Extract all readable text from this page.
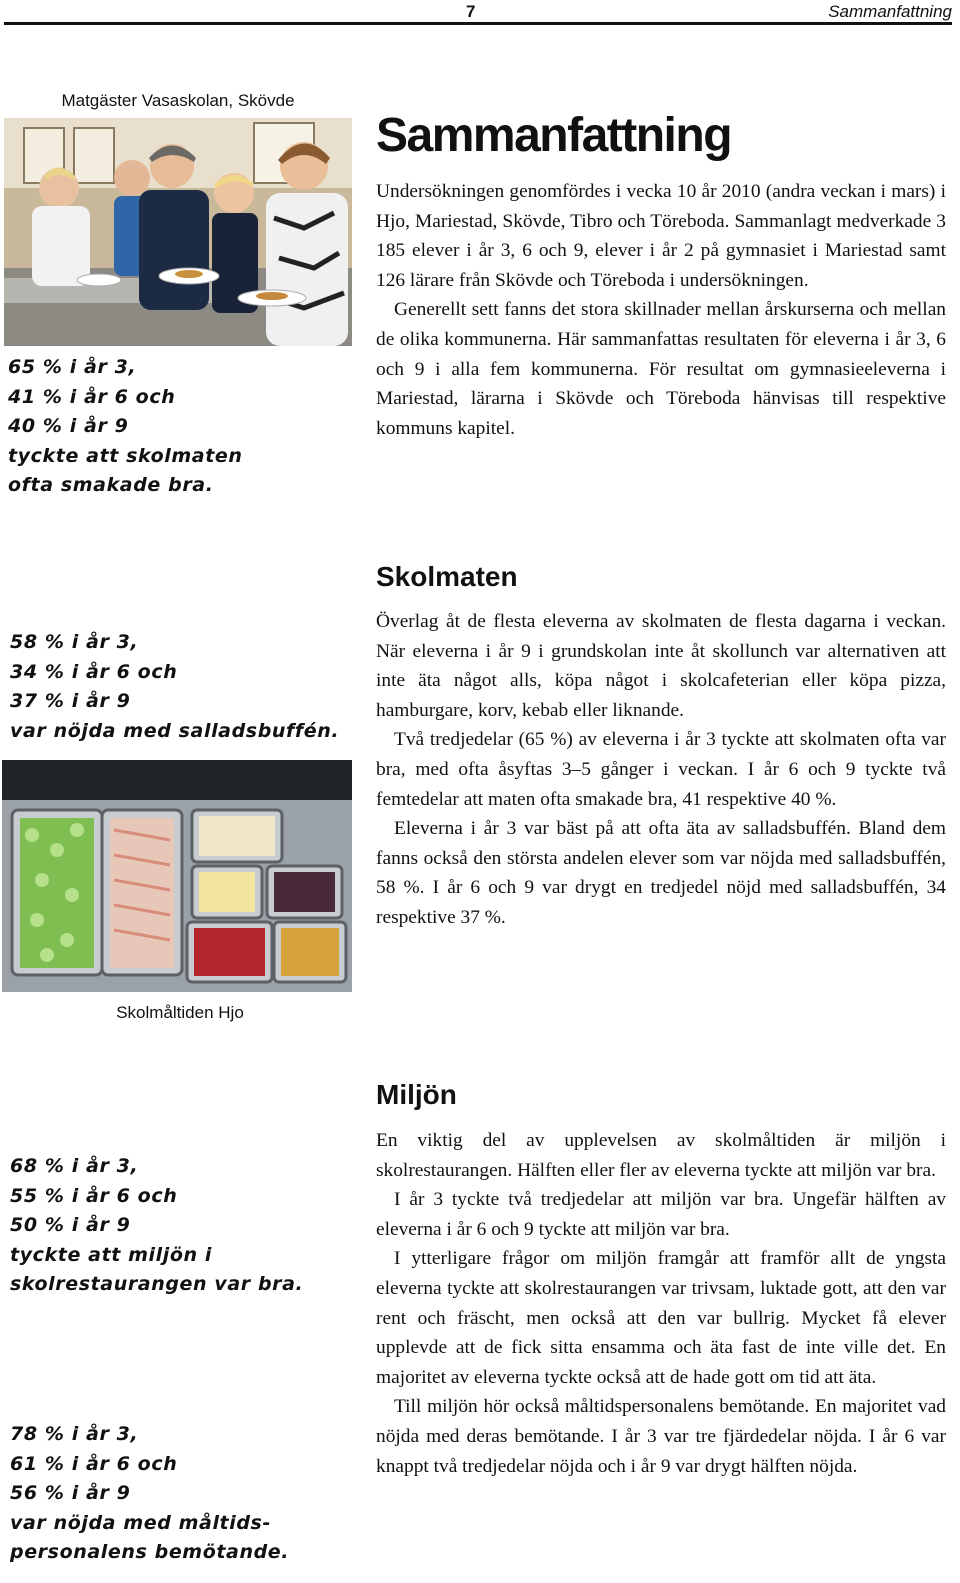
7	Sammanfattning
Matgäster Vasaskolan, Skövde
65 % i år 3,
41 % i år 6 och
40 % i år 9
tyckte att skolmaten
ofta smakade bra.
58 % i år 3,
34 % i år 6 och
37 % i år 9
var nöjda med salladsbuffén.
Skolmåltiden Hjo
68 % i år 3,
55 % i år 6 och
50 % i år 9
tyckte att miljön i
skolrestaurangen var bra.
78 % i år 3,
61 % i år 6 och
56 % i år 9
var nöjda med måltids-
personalens bemötande.
Sammanfattning

Undersökningen genomfördes i vecka 10 år 2010 (andra veckan i mars) i Hjo, Mariestad, Skövde, Tibro och Töreboda. Sammanlagt medverkade 3 185 elever i år 3, 6 och 9, elever i år 2 på gymnasiet i Mariestad samt 126 lärare från Skövde och Töreboda i undersökningen.

Generellt sett fanns det stora skillnader mellan årskurserna och mellan de olika kommunerna. Här sammanfattas resultaten för eleverna i år 3, 6 och 9 i alla fem kommunerna. För resultat om gymnasieeleverna i Mariestad, lärarna i Skövde och Töreboda hänvisas till respektive kommuns kapitel.

Skolmaten

Överlag åt de flesta eleverna av skolmaten de flesta dagarna i veckan. När eleverna i år 9 i grundskolan inte åt skollunch var alternativen att inte äta något alls, köpa något i skolcafeterian eller köpa pizza, hamburgare, korv, kebab eller liknande.

Två tredjedelar (65 %) av eleverna i år 3 tyckte att skolmaten ofta var bra, med ofta åsyftas 3–5 gånger i veckan. I år 6 och 9 tyckte två femtedelar att maten ofta smakade bra, 41 respektive 40 %.

Eleverna i år 3 var bäst på att ofta äta av salladsbuffén. Bland dem fanns också den största andelen elever som var nöjda med salladsbuffén, 58 %. I år 6 och 9 var drygt en tredjedel nöjd med salladsbuffén, 34 respektive 37 %.

Miljön

En viktig del av upplevelsen av skolmåltiden är miljön i skolrestaurangen. Hälften eller fler av eleverna tyckte att miljön var bra.

I år 3 tyckte två tredjedelar att miljön var bra. Ungefär hälften av eleverna i år 6 och 9 tyckte att miljön var bra.

I ytterligare frågor om miljön framgår att framför allt de yngsta eleverna tyckte att skolrestaurangen var trivsam, luktade gott, att den var rent och fräscht, men också att den var bullrig. Mycket få elever upplevde att de fick sitta ensamma och äta fast de inte ville det. En majoritet av eleverna tyckte också att de hade gott om tid att äta.

Till miljön hör också måltidspersonalens bemötande. En majoritet vad nöjda med deras bemötande. I år 3 var tre fjärdedelar nöjda. I år 6 var knappt två tredjedelar nöjda och i år 9 var drygt hälften nöjda.
